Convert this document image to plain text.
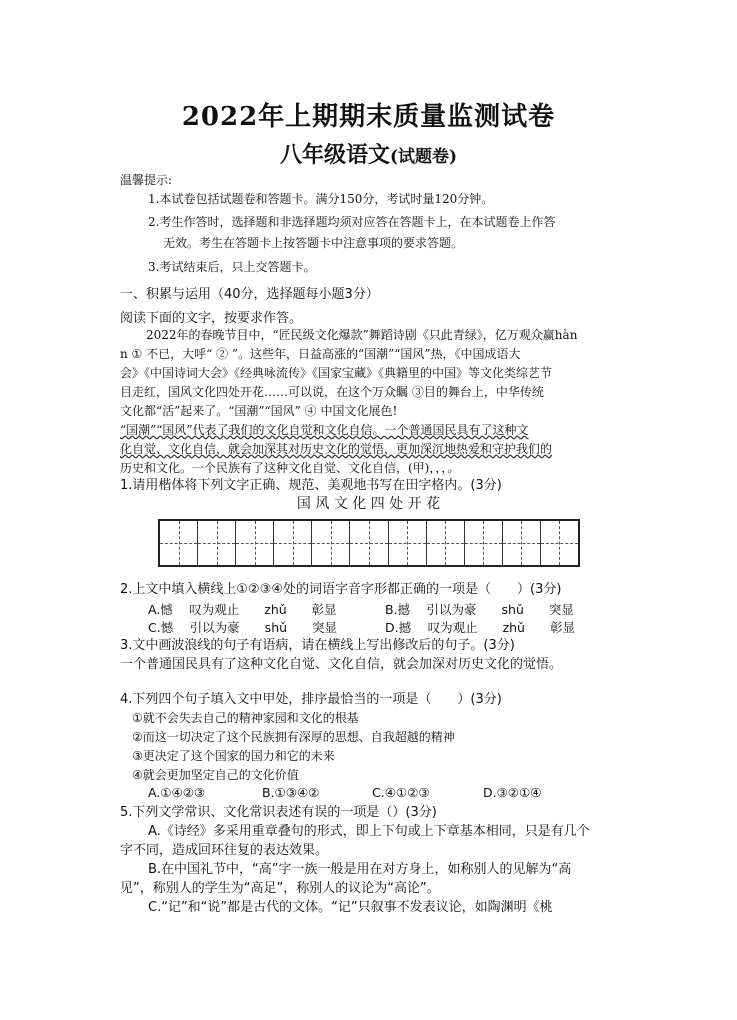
2022年上期期末质量监测试卷
八年级语文(试题卷)
温馨提示:
1.本试卷包括试题卷和答题卡。满分150分，考试时量120分钟。
2.考生作答时，选择题和非选择题均须对应答在答题卡上，在本试题卷上作答
无效。考生在答题卡上按答题卡中注意事项的要求答题。
3.考试结束后，只上交答题卡。
一、积累与运用（40分，选择题每小题3分）
阅读下面的文字，按要求作答。
2022年的春晚节目中，“匠民级文化爆款”舞蹈诗剧《只此青绿》，亿万观众赢hàn
n ① 不已，大呼“ ② ”。这些年，日益高涨的“国潮”“国风”热，《中国成语大
会》《中国诗词大会》《经典咏流传》《国家宝藏》《典籍里的中国》等文化类综艺节
目走红，国风文化四处开花……可以说，在这个万众瞩 ③目的舞台上，中华传统
文化都“活”起来了。“国潮”“国风” ④ 中国文化展色!
“国潮”“国风”代表了我们的文化自觉和文化自信。一个普通国民具有了这种文
化自觉、文化自信，就会加深其对历史文化的觉悟，更加深沉地热爱和守护我们的
历史和文化。一个民族有了这种文化自觉、文化自信，(甲)，，，。
1.请用楷体将下列文字正确、规范、美观地书写在田字格内。(3分)
国 风 文 化 四 处 开 花
2.上文中填入横线上①②③④处的词语字音字形都正确的一项是（　　）(3分)
A.憾　 叹为观止　　zhǔ　　彰显	B.撼　 引以为豪　　shǔ　　突显
C.憾　 引以为豪　　shǔ　　突显	D.撼　 叹为观止　　zhǔ　　彰显
3.文中画波浪线的句子有语病，请在横线上写出修改后的句子。(3分)
一个普通国民具有了这种文化自觉、文化自信，就会加深对历史文化的觉悟。
4.下列四个句子填入文中甲处，排序最恰当的一项是（　　）(3分)
①就不会失去自己的精神家园和文化的根基
②而这一切决定了这个民族拥有深厚的思想、自我超越的精神
③更决定了这个国家的国力和它的未来
④就会更加坚定自己的文化价值
A.①④②③	B.①③④②	C.④①②③	D.③②①④
5.下列文学常识、文化常识表述有误的一项是（）(3分)
A.《诗经》多采用重章叠句的形式，即上下句或上下章基本相同，只是有几个
字不同，造成回环往复的表达效果。
B.在中国礼节中，“高”字一族一般是用在对方身上，如称别人的见解为“高
见”，称别人的学生为“高足”，称别人的议论为“高论”。
C.“记”和“说”都是古代的文体。“记”只叙事不发表议论，如陶渊明《桃
